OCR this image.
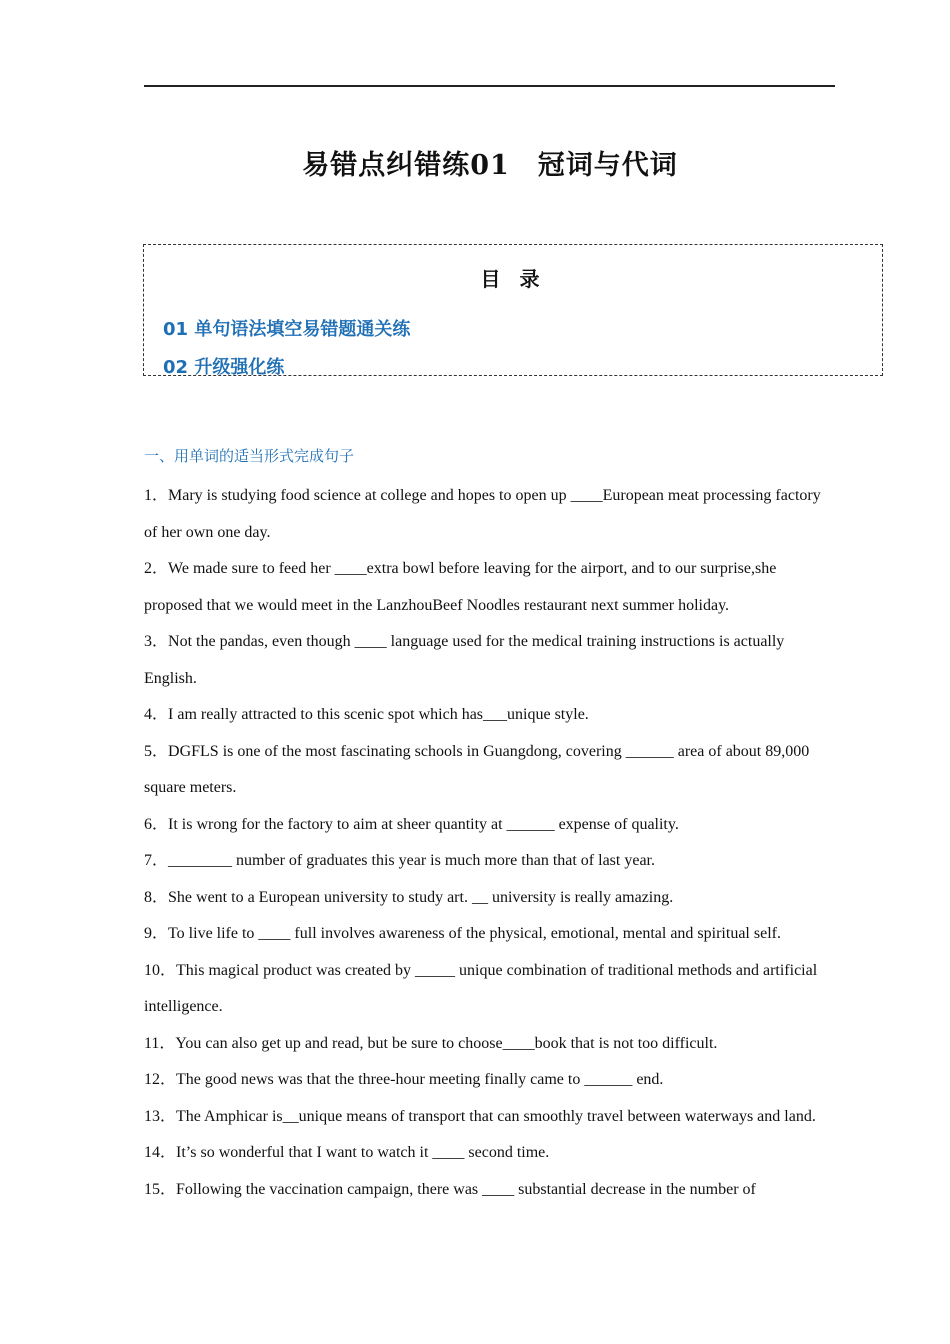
易错点纠错练01 冠词与代词
目 录
01 单句语法填空易错题通关练
02 升级强化练
一、用单词的适当形式完成句子

1．Mary is studying food science at college and hopes to open up ____European meat processing factory of her own one day.

2．We made sure to feed her ____extra bowl before leaving for the airport, and to our surprise,she proposed that we would meet in the LanzhouBeef Noodles restaurant next summer holiday.

3．Not the pandas, even though ____ language used for the medical training instructions is actually English.

4．I am really attracted to this scenic spot which has___unique style.

5．DGFLS is one of the most fascinating schools in Guangdong, covering ______ area of about 89,000 square meters.

6．It is wrong for the factory to aim at sheer quantity at ______ expense of quality.

7．________ number of graduates this year is much more than that of last year.

8．She went to a European university to study art. __ university is really amazing.

9．To live life to ____ full involves awareness of the physical, emotional, mental and spiritual self.

10．This magical product was created by _____ unique combination of traditional methods and artificial intelligence.

11．You can also get up and read, but be sure to choose____book that is not too difficult.

12．The good news was that the three-hour meeting finally came to ______ end.

13．The Amphicar is__unique means of transport that can smoothly travel between waterways and land.

14．It’s so wonderful that I want to watch it ____ second time.

15．Following the vaccination campaign, there was ____ substantial decrease in the number of
